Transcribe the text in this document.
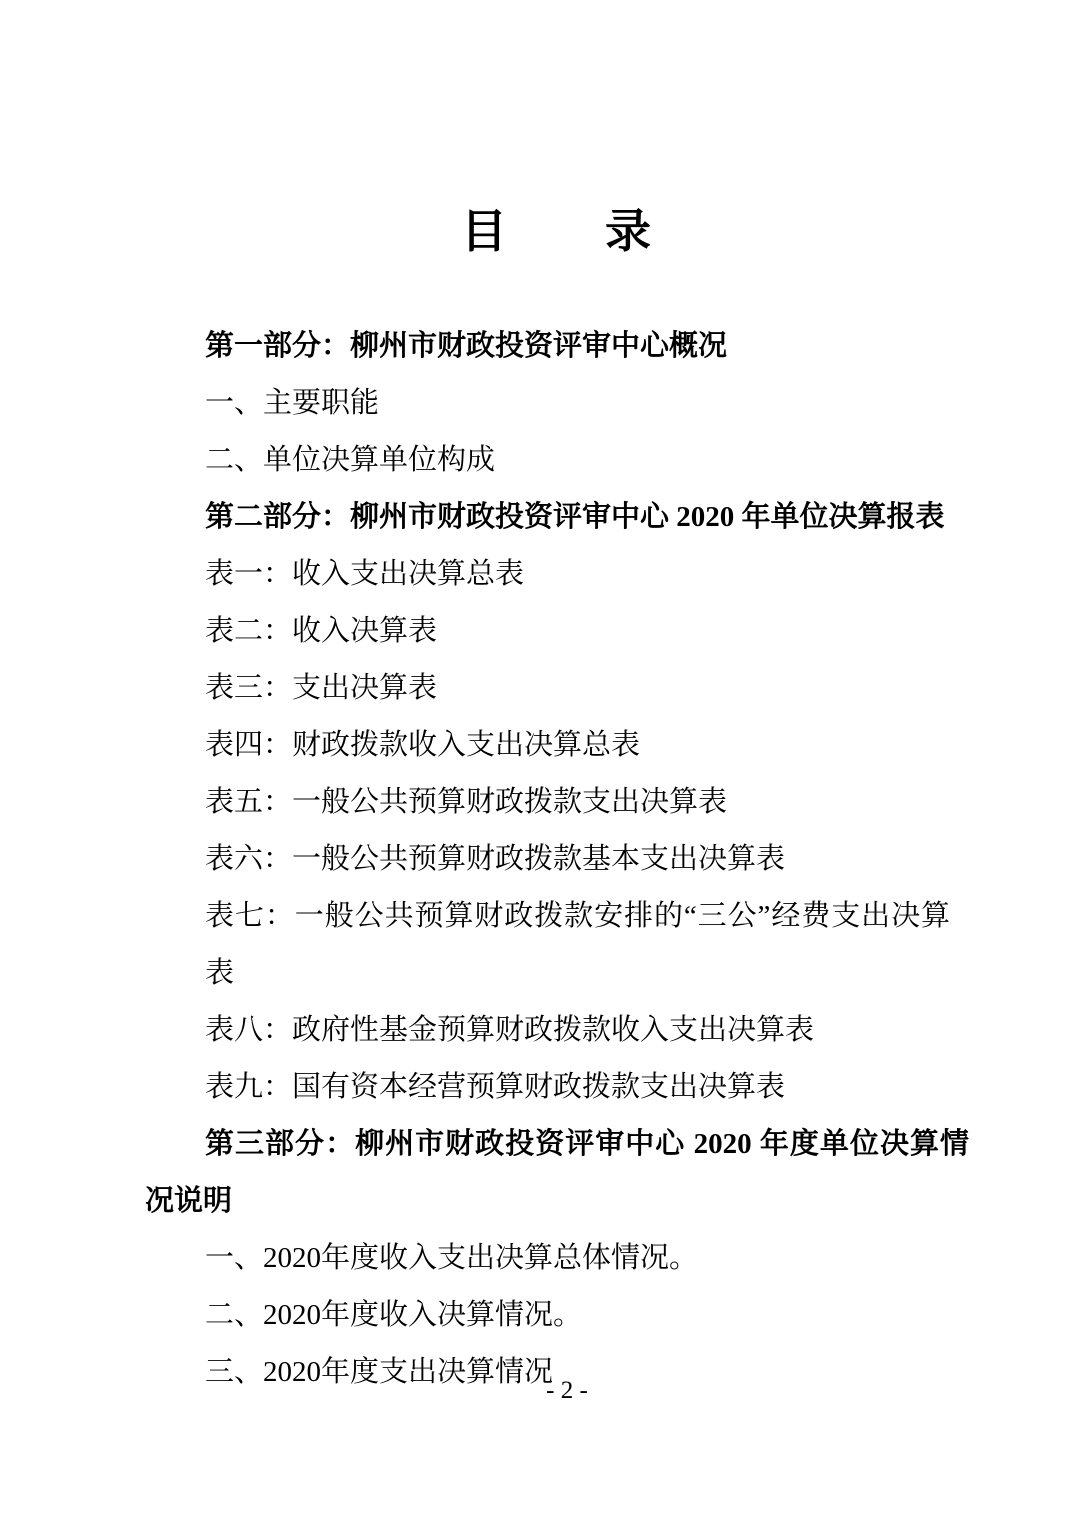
目　　录

第一部分：柳州市财政投资评审中心概况

一、主要职能

二、单位决算单位构成

第二部分：柳州市财政投资评审中心 2020 年单位决算报表

表一：收入支出决算总表

表二：收入决算表

表三：支出决算表

表四：财政拨款收入支出决算总表

表五：一般公共预算财政拨款支出决算表

表六：一般公共预算财政拨款基本支出决算表

表七：一般公共预算财政拨款安排的“三公”经费支出决算表

表八：政府性基金预算财政拨款收入支出决算表

表九：国有资本经营预算财政拨款支出决算表

第三部分：柳州市财政投资评审中心 2020 年度单位决算情况说明

一、2020年度收入支出决算总体情况。

二、2020年度收入决算情况。

三、2020年度支出决算情况

- 2 -
